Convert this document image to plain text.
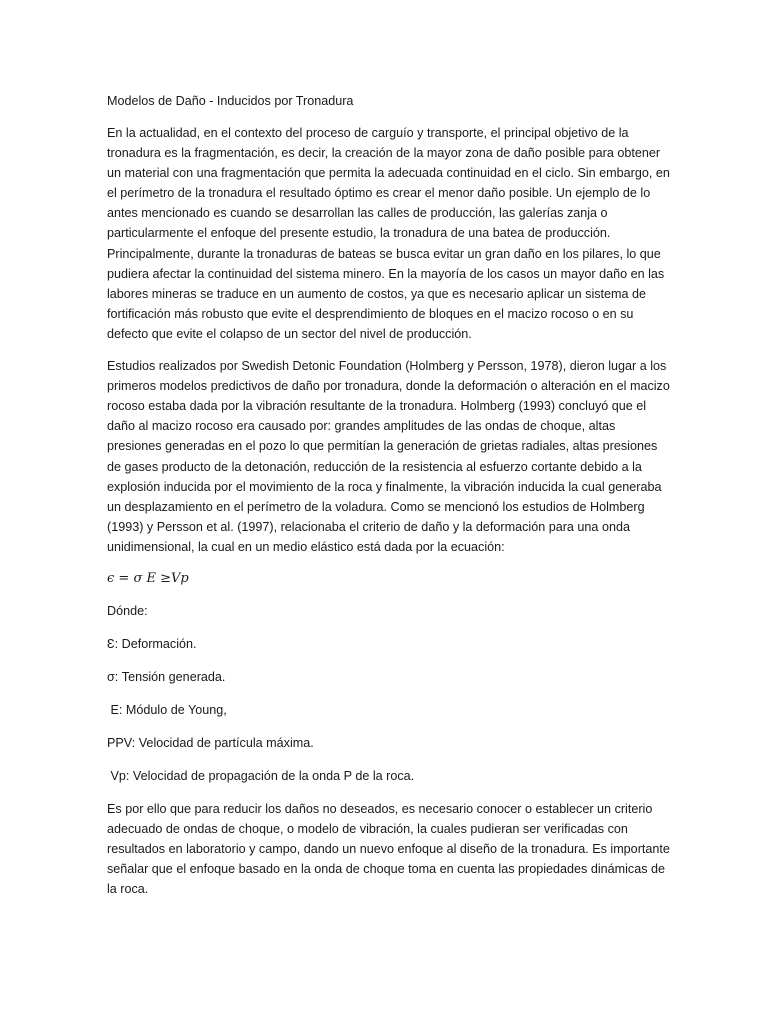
Modelos de Daño - Inducidos por Tronadura

En la actualidad, en el contexto del proceso de carguío y transporte, el principal objetivo de la tronadura es la fragmentación, es decir, la creación de la mayor zona de daño posible para obtener un material con una fragmentación que permita la adecuada continuidad en el ciclo. Sin embargo, en el perímetro de la tronadura el resultado óptimo es crear el menor daño posible. Un ejemplo de lo antes mencionado es cuando se desarrollan las calles de producción, las galerías zanja o particularmente el enfoque del presente estudio, la tronadura de una batea de producción. Principalmente, durante la tronaduras de bateas se busca evitar un gran daño en los pilares, lo que pudiera afectar la continuidad del sistema minero. En la mayoría de los casos un mayor daño en las labores mineras se traduce en un aumento de costos, ya que es necesario aplicar un sistema de fortificación más robusto que evite el desprendimiento de bloques en el macizo rocoso o en su defecto que evite el colapso de un sector del nivel de producción.

Estudios realizados por Swedish Detonic Foundation (Holmberg y Persson, 1978), dieron lugar a los primeros modelos predictivos de daño por tronadura, donde la deformación o alteración en el macizo rocoso estaba dada por la vibración resultante de la tronadura. Holmberg (1993) concluyó que el daño al macizo rocoso era causado por: grandes amplitudes de las ondas de choque, altas presiones generadas en el pozo lo que permitían la generación de grietas radiales, altas presiones de gases producto de la detonación, reducción de la resistencia al esfuerzo cortante debido a la explosión inducida por el movimiento de la roca y finalmente, la vibración inducida la cual generaba un desplazamiento en el perímetro de la voladura. Como se mencionó los estudios de Holmberg (1993) y Persson et al. (1997), relacionaba el criterio de daño y la deformación para una onda unidimensional, la cual en un medio elástico está dada por la ecuación:

ϵ = σ E ≥Vp

Dónde:

Ɛ: Deformación.

σ: Tensión generada.

E: Módulo de Young,

PPV: Velocidad de partícula máxima.

Vp: Velocidad de propagación de la onda P de la roca.

Es por ello que para reducir los daños no deseados, es necesario conocer o establecer un criterio adecuado de ondas de choque, o modelo de vibración, la cuales pudieran ser verificadas con resultados en laboratorio y campo, dando un nuevo enfoque al diseño de la tronadura. Es importante señalar que el enfoque basado en la onda de choque toma en cuenta las propiedades dinámicas de la roca.
